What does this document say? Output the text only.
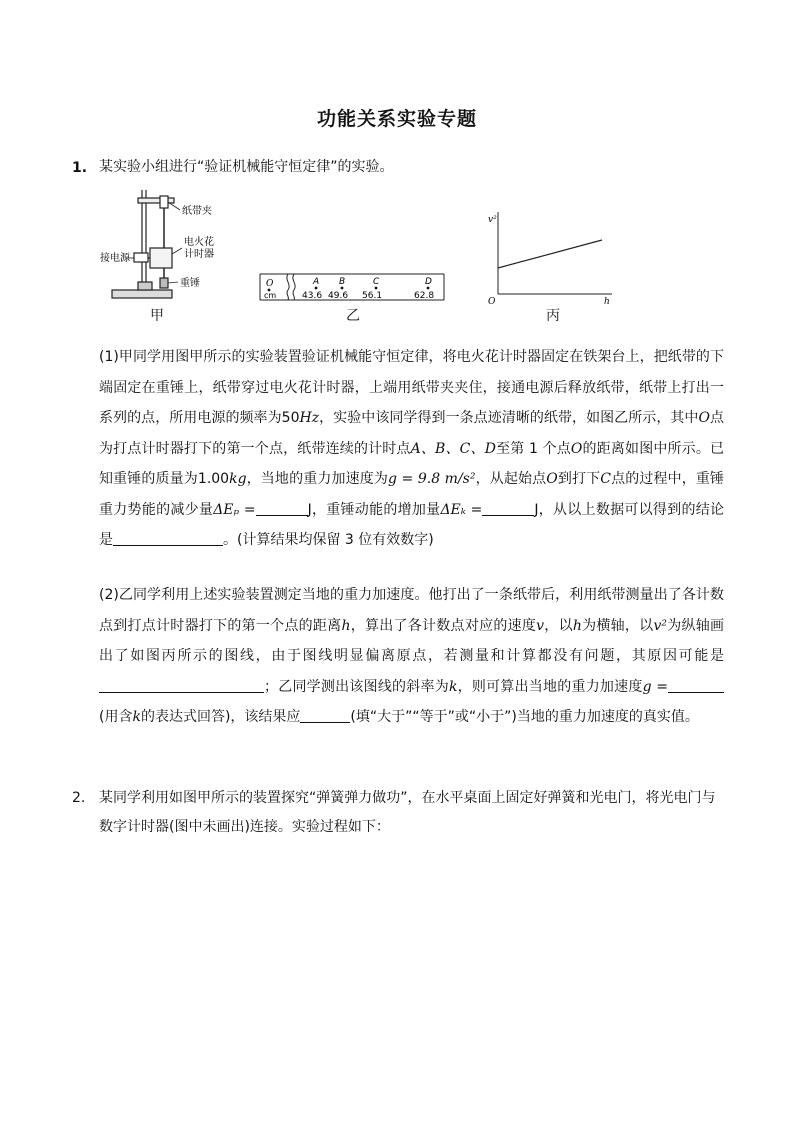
功能关系实验专题
1. 某实验小组进行“验证机械能守恒定律”的实验。
纸带夹
接电源
电火花
计时器
重锤
甲
O
cm
A
43.6
B
49.6
C
56.1
D
62.8
乙
v²
h
O
丙
(1)甲同学用图甲所示的实验装置验证机械能守恒定律，将电火花计时器固定在铁架台上，把纸带的下端固定在重锤上，纸带穿过电火花计时器，上端用纸带夹夹住，接通电源后释放纸带，纸带上打出一系列的点，所用电源的频率为50Hz，实验中该同学得到一条点迹清晰的纸带，如图乙所示，其中O点为打点计时器打下的第一个点，纸带连续的计时点A、B、C、D至第 1 个点O的距离如图中所示。已知重锤的质量为1.00kg，当地的重力加速度为g = 9.8 m/s²，从起始点O到打下C点的过程中，重锤重力势能的减少量ΔEₚ =	J，重锤动能的增加量ΔEₖ =	J，从以上数据可以得到的结论是	。(计算结果均保留 3 位有效数字)
(2)乙同学利用上述实验装置测定当地的重力加速度。他打出了一条纸带后，利用纸带测量出了各计数点到打点计时器打下的第一个点的距离h，算出了各计数点对应的速度v，以h为横轴，以v²为纵轴画出了如图丙所示的图线，由于图线明显偏离原点，若测量和计算都没有问题，其原因可能是；乙同学测出该图线的斜率为k，则可算出当地的重力加速度g =(用含k的表达式回答)，该结果应	(填“大于”“等于”或“小于”)当地的重力加速度的真实值。
2. 某同学利用如图甲所示的装置探究“弹簧弹力做功”，在水平桌面上固定好弹簧和光电门，将光电门与数字计时器(图中未画出)连接。实验过程如下：
